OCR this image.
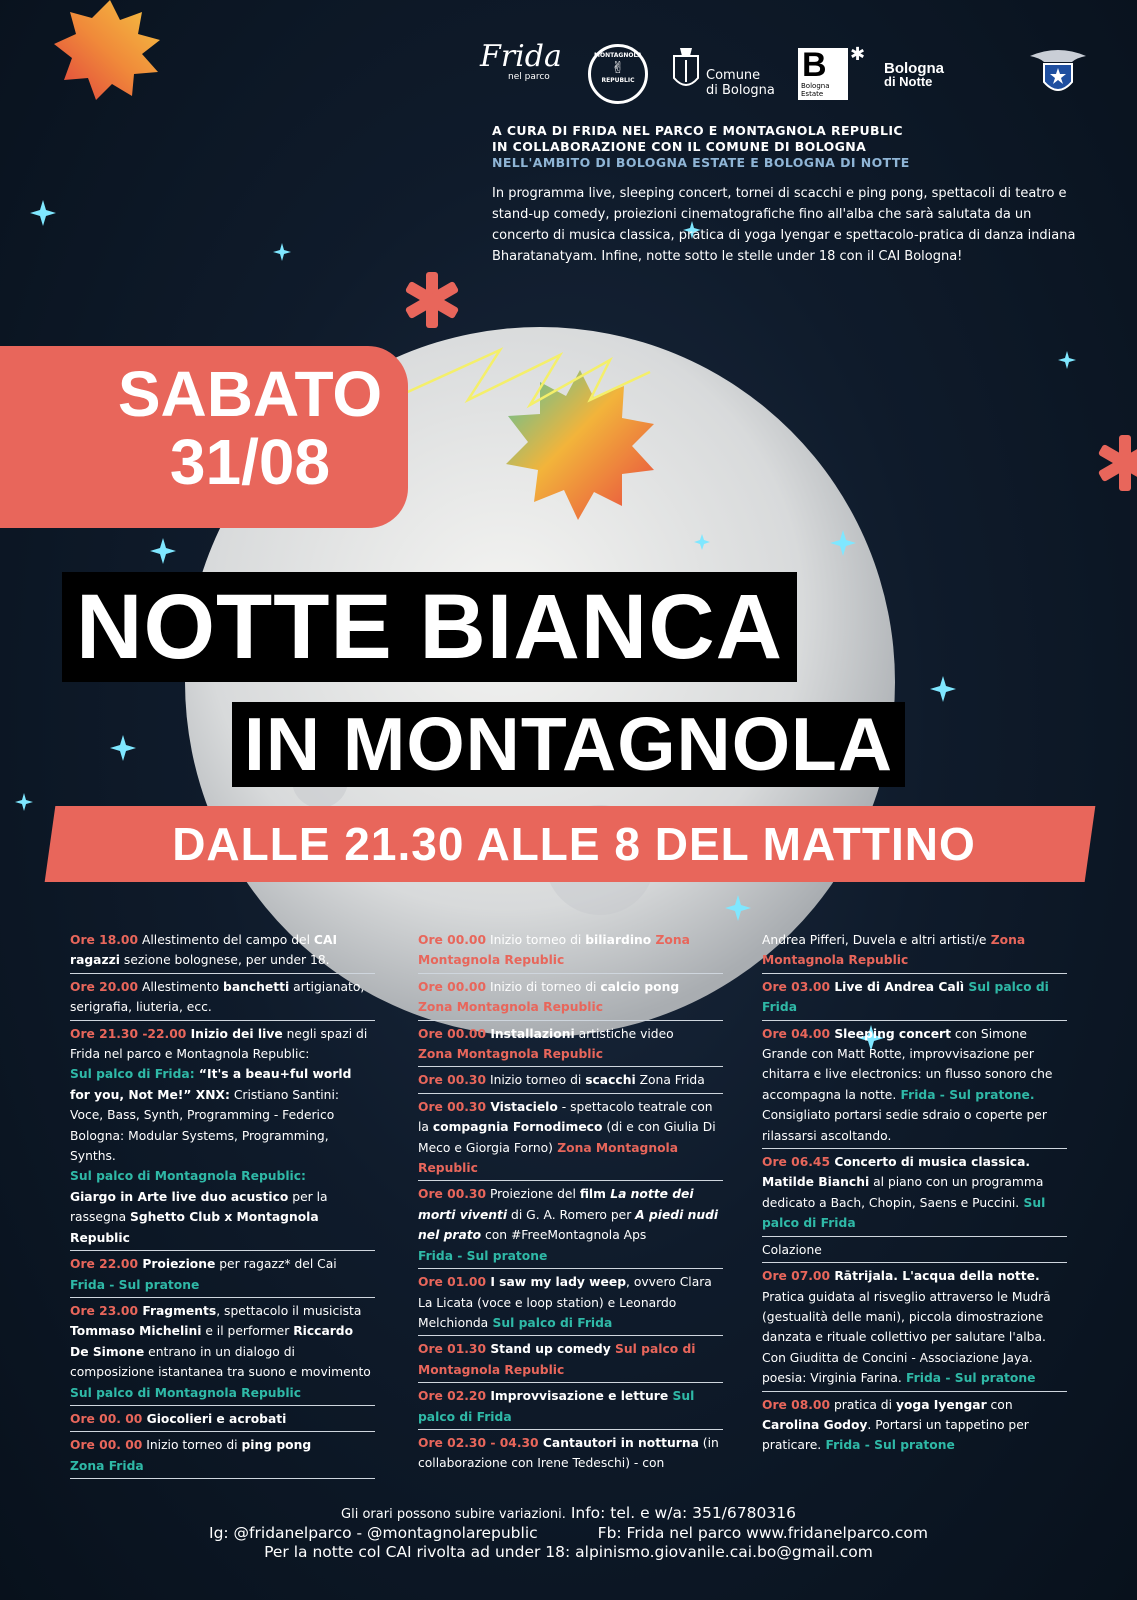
Frida
nel parco
MONTAGNOLA
✌
REPUBLIC	Comune
di Bologna
B
Bologna
Estate
✱
Bologna
di Notte
A CURA DI FRIDA NEL PARCO E MONTAGNOLA REPUBLIC
IN COLLABORAZIONE CON IL COMUNE DI BOLOGNA
NELL'AMBITO DI BOLOGNA ESTATE E BOLOGNA DI NOTTE
In programma live, sleeping concert, tornei di scacchi e ping pong, spettacoli di teatro e stand-up comedy, proiezioni cinematografiche fino all'alba che sarà salutata da un concerto di musica classica, pratica di yoga Iyengar e spettacolo-pratica di danza indiana Bharatanatyam. Infine, notte sotto le stelle under 18 con il CAI Bologna!
SABATO
31/08
NOTTE BIANCA
IN MONTAGNOLA
DALLE 21.30 ALLE 8 DEL MATTINO
Ore 18.00 Allestimento del campo del CAI ragazzi sezione bolognese, per under 18.
Ore 20.00 Allestimento banchetti artigianato, serigrafia, liuteria, ecc.
Ore 21.30 -22.00 Inizio dei live negli spazi di Frida nel parco e Montagnola Republic:
Sul palco di Frida: “It's a beau+ful world for you, Not Me!” XNX: Cristiano Santini: Voce, Bass, Synth, Programming - Federico Bologna: Modular Systems, Programming, Synths.
Sul palco di Montagnola Republic:
Giargo in Arte live duo acustico per la rassegna Sghetto Club x Montagnola Republic
Ore 22.00 Proiezione per ragazz* del Cai
Frida - Sul pratone
Ore 23.00 Fragments, spettacolo il musicista Tommaso Michelini e il performer Riccardo De Simone entrano in un dialogo di composizione istantanea tra suono e movimento
Sul palco di Montagnola Republic
Ore 00. 00 Giocolieri e acrobati
Ore 00. 00 Inizio torneo di ping pong
Zona Frida
Ore 00.00 Inizio torneo di biliardino Zona Montagnola Republic
Ore 00.00 Inizio di torneo di calcio pong
Zona Montagnola Republic
Ore 00.00 Installazioni artistiche video
Zona Montagnola Republic
Ore 00.30 Inizio torneo di scacchi Zona Frida
Ore 00.30 Vistacielo - spettacolo teatrale con la compagnia Fornodimeco (di e con Giulia Di Meco e Giorgia Forno) Zona Montagnola Republic
Ore 00.30 Proiezione del film La notte dei morti viventi di G. A. Romero per A piedi nudi nel prato con #FreeMontagnola Aps
Frida - Sul pratone
Ore 01.00 I saw my lady weep, ovvero Clara La Licata (voce e loop station) e Leonardo Melchionda Sul palco di Frida
Ore 01.30 Stand up comedy Sul palco di Montagnola Republic
Ore 02.20 Improvvisazione e letture Sul palco di Frida
Ore 02.30 - 04.30 Cantautori in notturna (in collaborazione con Irene Tedeschi) - con
Andrea Pifferi, Duvela e altri artisti/e Zona Montagnola Republic
Ore 03.00 Live di Andrea Calì Sul palco di Frida
Ore 04.00 Sleeping concert con Simone Grande con Matt Rotte, improvvisazione per chitarra e live electronics: un flusso sonoro che accompagna la notte. Frida - Sul pratone. Consigliato portarsi sedie sdraio o coperte per rilassarsi ascoltando.
Ore 06.45 Concerto di musica classica. Matilde Bianchi al piano con un programma dedicato a Bach, Chopin, Saens e Puccini. Sul palco di Frida
Colazione
Ore 07.00 Rātrijala. L'acqua della notte. Pratica guidata al risveglio attraverso le Mudrā (gestualità delle mani), piccola dimostrazione danzata e rituale collettivo per salutare l'alba. Con Giuditta de Concini - Associazione Jaya. poesia: Virginia Farina. Frida - Sul pratone
Ore 08.00 pratica di yoga Iyengar con Carolina Godoy. Portarsi un tappetino per praticare. Frida - Sul pratone
Gli orari possono subire variazioni. Info: tel. e w/a: 351/6780316
Ig: @fridanelparco - @montagnolarepublic	Fb: Frida nel parco www.fridanelparco.com
Per la notte col CAI rivolta ad under 18: alpinismo.giovanile.cai.bo@gmail.com
